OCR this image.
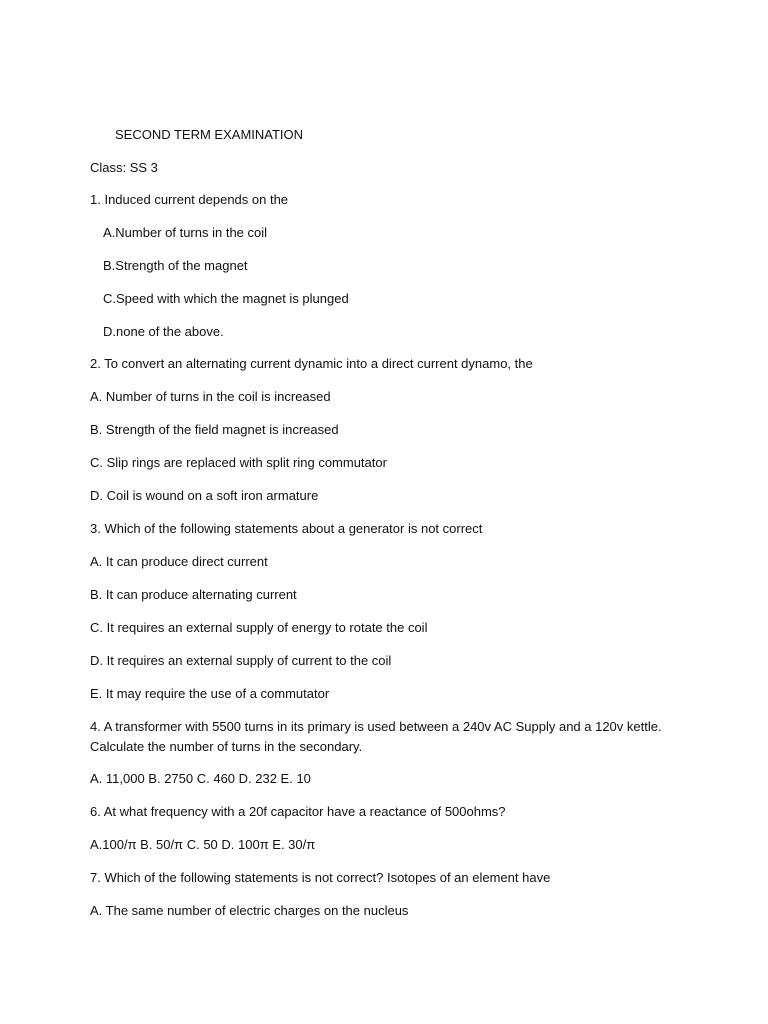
SECOND TERM EXAMINATION
Class: SS 3
1. Induced current depends on the
A.Number of turns in the coil
B.Strength of the magnet
C.Speed with which the magnet is plunged
D.none of the above.
2. To convert an alternating current dynamic into a direct current dynamo, the
A. Number of turns in the coil is increased
B. Strength of the field magnet is increased
C. Slip rings are replaced with split ring commutator
D. Coil is wound on a soft iron armature
3. Which of the following statements about a generator is not correct
A. It can produce direct current
B. It can produce alternating current
C. It requires an external supply of energy to rotate the coil
D. It requires an external supply of current to the coil
E. It may require the use of a commutator
4. A transformer with 5500 turns in its primary is used between a 240v AC Supply and a 120v kettle. Calculate the number of turns in the secondary.
A. 11,000 B. 2750 C. 460 D. 232 E. 10
6. At what frequency with a 20f capacitor have a reactance of 500ohms?
A.100/π B. 50/π C. 50 D. 100π E. 30/π
7. Which of the following statements is not correct? Isotopes of an element have
A. The same number of electric charges on the nucleus
